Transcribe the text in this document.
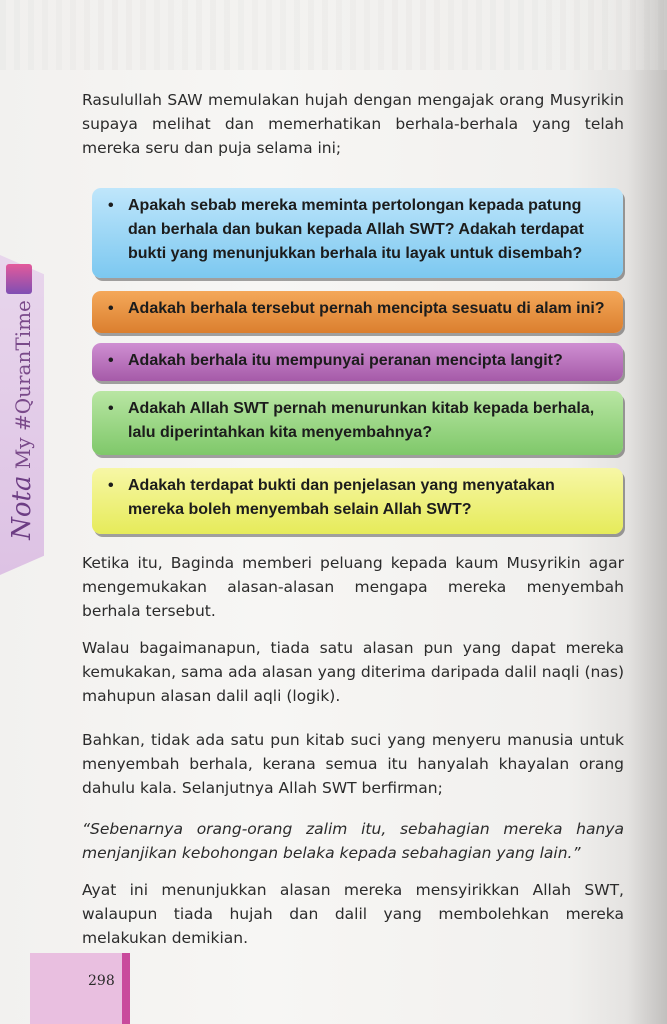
Nota My #QuranTime

Rasulullah SAW memulakan hujah dengan mengajak orang Musyrikin supaya melihat dan memerhatikan berhala-berhala yang telah mereka seru dan puja selama ini;

• Apakah sebab mereka meminta pertolongan kepada patung dan berhala dan bukan kepada Allah SWT? Adakah terdapat bukti yang menunjukkan berhala itu layak untuk disembah?
• Adakah berhala tersebut pernah mencipta sesuatu di alam ini?
• Adakah berhala itu mempunyai peranan mencipta langit?
• Adakah Allah SWT pernah menurunkan kitab kepada berhala, lalu diperintahkan kita menyembahnya?
• Adakah terdapat bukti dan penjelasan yang menyatakan mereka boleh menyembah selain Allah SWT?

Ketika itu, Baginda memberi peluang kepada kaum Musyrikin agar mengemukakan alasan-alasan mengapa mereka menyembah berhala tersebut.

Walau bagaimanapun, tiada satu alasan pun yang dapat mereka kemukakan, sama ada alasan yang diterima daripada dalil naqli (nas) mahupun alasan dalil aqli (logik).

Bahkan, tidak ada satu pun kitab suci yang menyeru manusia untuk menyembah berhala, kerana semua itu hanyalah khayalan orang dahulu kala. Selanjutnya Allah SWT berfirman;

“Sebenarnya orang-orang zalim itu, sebahagian mereka hanya menjanjikan kebohongan belaka kepada sebahagian yang lain.”

Ayat ini menunjukkan alasan mereka mensyirikkan Allah SWT, walaupun tiada hujah dan dalil yang membolehkan mereka melakukan demikian.

298
